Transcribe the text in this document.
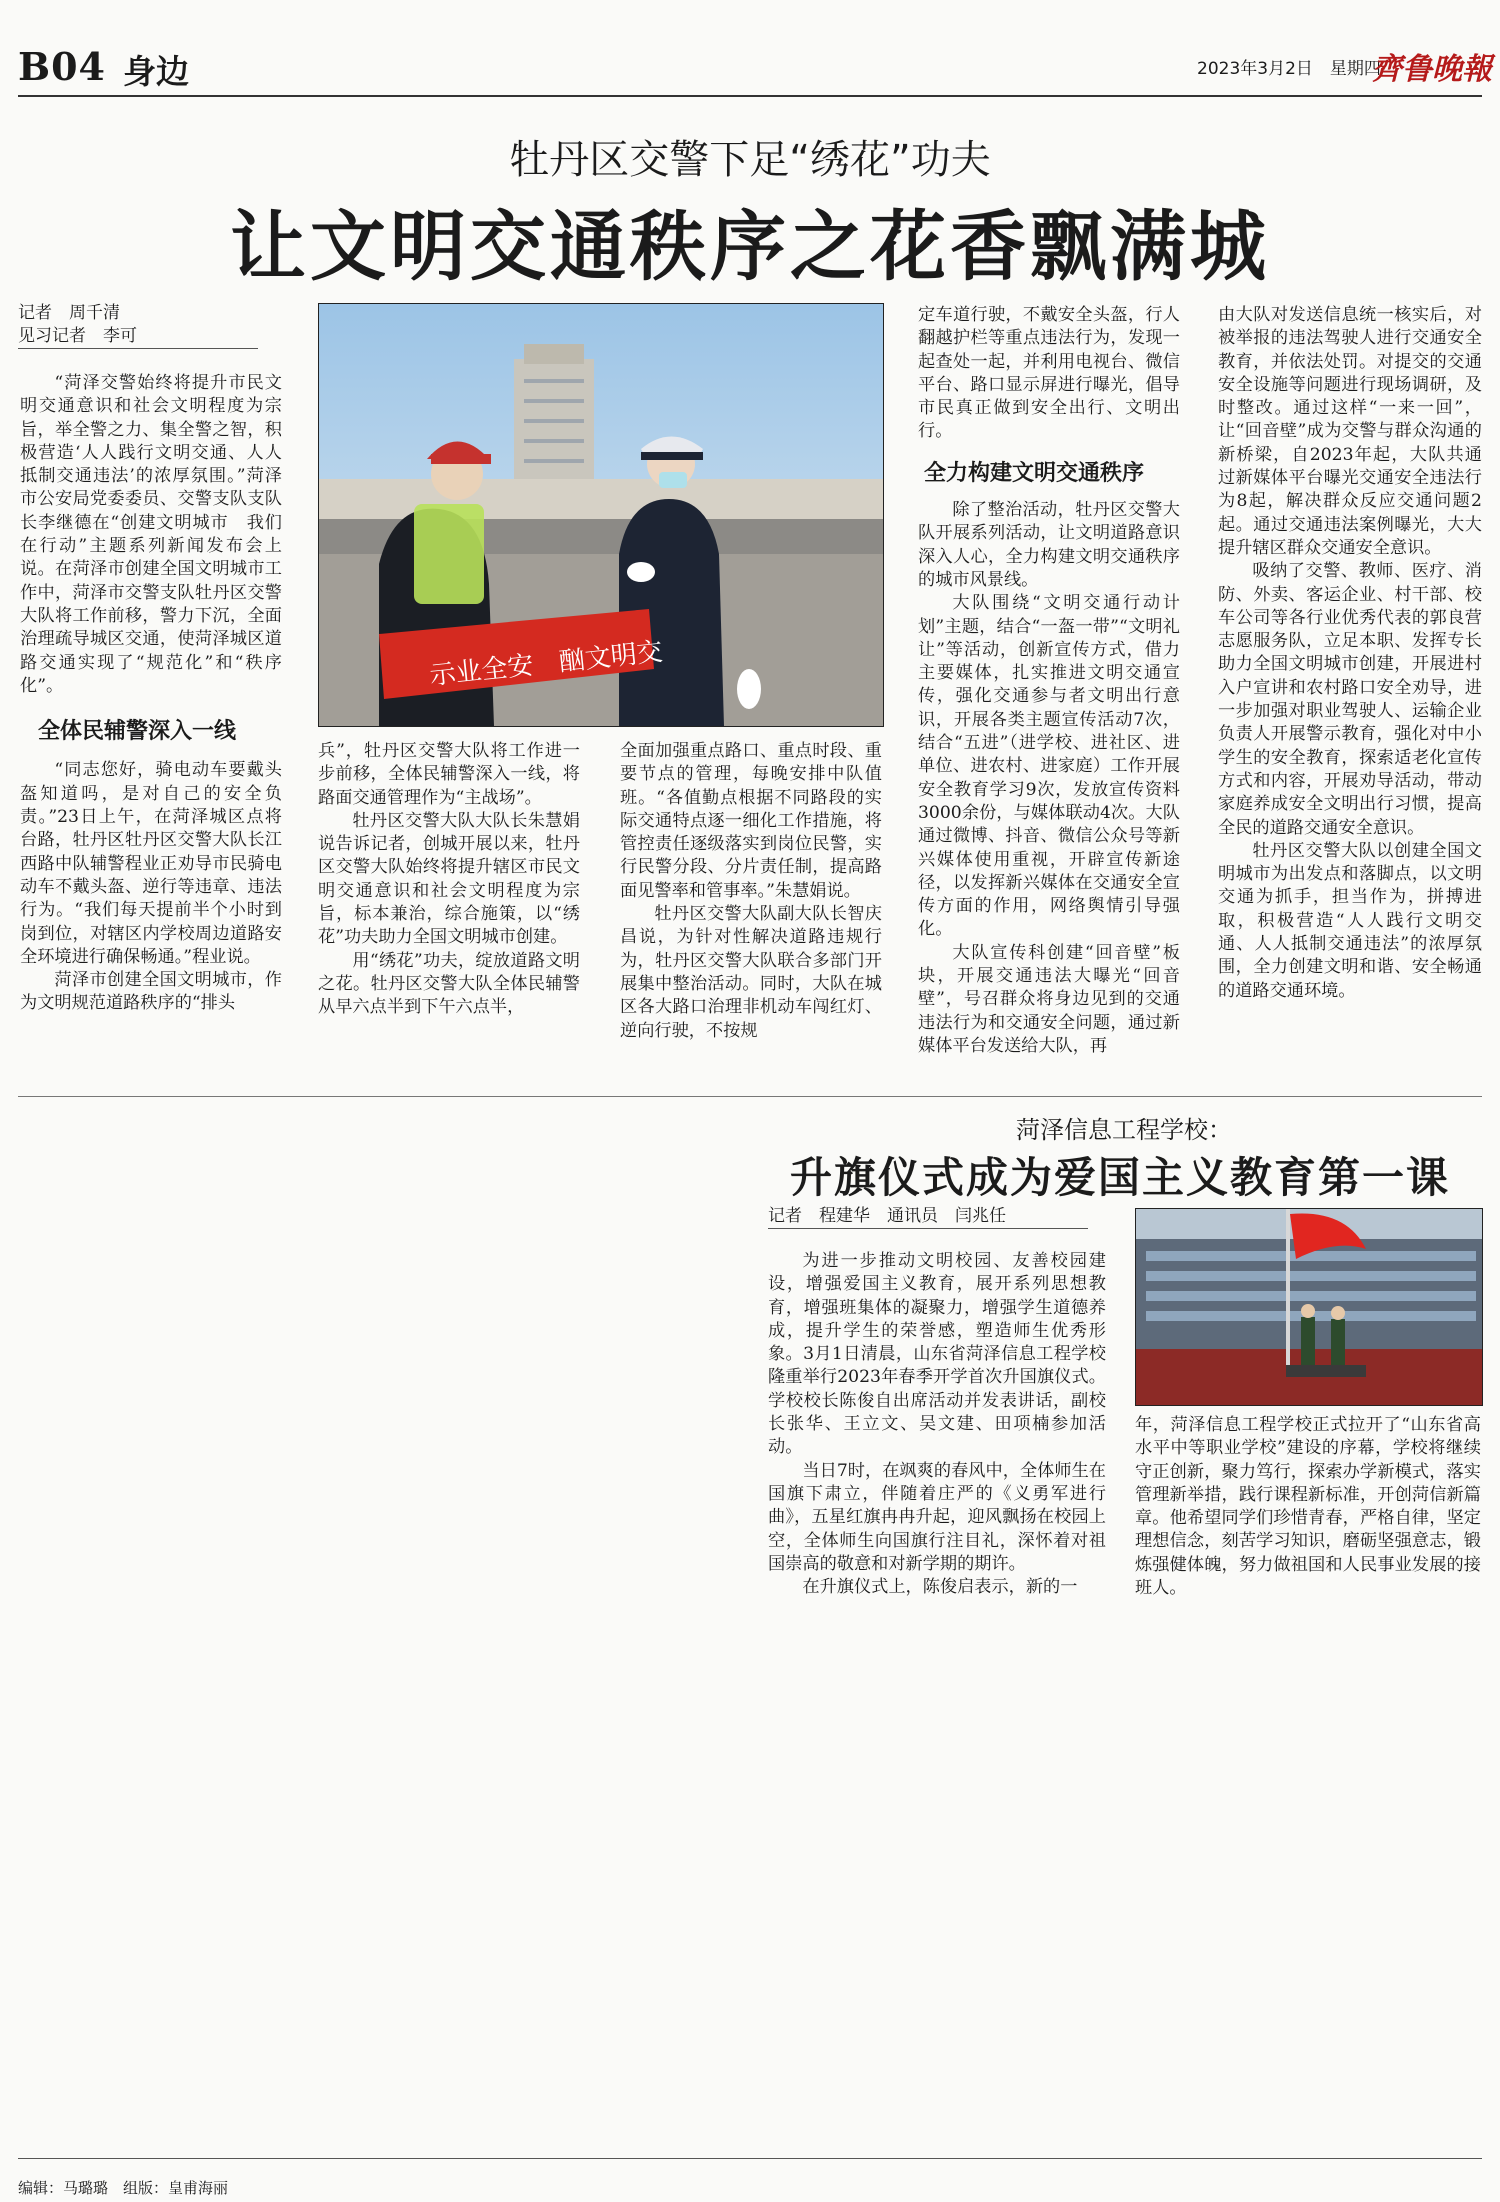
B04 身边	2023年3月2日　星期四
齊鲁晚報
牡丹区交警下足“绣花”功夫
让文明交通秩序之花香飘满城
记者　周千清
见习记者　李可

“菏泽交警始终将提升市民文明交通意识和社会文明程度为宗旨，举全警之力、集全警之智，积极营造‘人人践行文明交通、人人抵制交通违法’的浓厚氛围。”菏泽市公安局党委委员、交警支队支队长李继德在“创建文明城市　我们在行动”主题系列新闻发布会上说。在菏泽市创建全国文明城市工作中，菏泽市交警支队牡丹区交警大队将工作前移，警力下沉，全面治理疏导城区交通，使菏泽城区道路交通实现了“规范化”和“秩序化”。

全体民辅警深入一线

“同志您好，骑电动车要戴头盔知道吗，是对自己的安全负责。”23日上午，在菏泽城区点将台路，牡丹区牡丹区交警大队长江西路中队辅警程业正劝导市民骑电动车不戴头盔、逆行等违章、违法行为。“我们每天提前半个小时到岗到位，对辖区内学校周边道路安全环境进行确保畅通。”程业说。

菏泽市创建全国文明城市，作为文明规范道路秩序的“排头

示业全安　酗文明交

兵”，牡丹区交警大队将工作进一步前移，全体民辅警深入一线，将路面交通管理作为“主战场”。

牡丹区交警大队大队长朱慧娟说告诉记者，创城开展以来，牡丹区交警大队始终将提升辖区市民文明交通意识和社会文明程度为宗旨，标本兼治，综合施策，以“绣花”功夫助力全国文明城市创建。

用“绣花”功夫，绽放道路文明之花。牡丹区交警大队全体民辅警从早六点半到下午六点半，

全面加强重点路口、重点时段、重要节点的管理，每晚安排中队值班。“各值勤点根据不同路段的实际交通特点逐一细化工作措施，将管控责任逐级落实到岗位民警，实行民警分段、分片责任制，提高路面见警率和管事率。”朱慧娟说。

牡丹区交警大队副大队长智庆昌说，为针对性解决道路违规行为，牡丹区交警大队联合多部门开展集中整治活动。同时，大队在城区各大路口治理非机动车闯红灯、逆向行驶，不按规

定车道行驶，不戴安全头盔，行人翻越护栏等重点违法行为，发现一起查处一起，并利用电视台、微信平台、路口显示屏进行曝光，倡导市民真正做到安全出行、文明出行。

全力构建文明交通秩序

除了整治活动，牡丹区交警大队开展系列活动，让文明道路意识深入人心，全力构建文明交通秩序的城市风景线。

大队围绕“文明交通行动计划”主题，结合“一盔一带”“文明礼让”等活动，创新宣传方式，借力主要媒体，扎实推进文明交通宣传，强化交通参与者文明出行意识，开展各类主题宣传活动7次，结合“五进”（进学校、进社区、进单位、进农村、进家庭）工作开展安全教育学习9次，发放宣传资料3000余份，与媒体联动4次。大队通过微博、抖音、微信公众号等新兴媒体使用重视，开辟宣传新途径，以发挥新兴媒体在交通安全宣传方面的作用，网络舆情引导强化。

大队宣传科创建“回音壁”板块，开展交通违法大曝光“回音壁”，号召群众将身边见到的交通违法行为和交通安全问题，通过新媒体平台发送给大队，再

由大队对发送信息统一核实后，对被举报的违法驾驶人进行交通安全教育，并依法处罚。对提交的交通安全设施等问题进行现场调研，及时整改。通过这样“一来一回”，让“回音壁”成为交警与群众沟通的新桥梁，自2023年起，大队共通过新媒体平台曝光交通安全违法行为8起，解决群众反应交通问题2起。通过交通违法案例曝光，大大提升辖区群众交通安全意识。

吸纳了交警、教师、医疗、消防、外卖、客运企业、村干部、校车公司等各行业优秀代表的郭良营志愿服务队，立足本职、发挥专长助力全国文明城市创建，开展进村入户宣讲和农村路口安全劝导，进一步加强对职业驾驶人、运输企业负责人开展警示教育，强化对中小学生的安全教育，探索适老化宣传方式和内容，开展劝导活动，带动家庭养成安全文明出行习惯，提高全民的道路交通安全意识。

牡丹区交警大队以创建全国文明城市为出发点和落脚点，以文明交通为抓手，担当作为，拼搏进取，积极营造“人人践行文明交通、人人抵制交通违法”的浓厚氛围，全力创建文明和谐、安全畅通的道路交通环境。

菏泽信息工程学校：
升旗仪式成为爱国主义教育第一课
记者　程建华　通讯员　闫兆任

为进一步推动文明校园、友善校园建设，增强爱国主义教育，展开系列思想教育，增强班集体的凝聚力，增强学生道德养成，提升学生的荣誉感，塑造师生优秀形象。3月1日清晨，山东省菏泽信息工程学校隆重举行2023年春季开学首次升国旗仪式。学校校长陈俊自出席活动并发表讲话，副校长张华、王立文、吴文建、田项楠参加活动。

当日7时，在飒爽的春风中，全体师生在国旗下肃立，伴随着庄严的《义勇军进行曲》，五星红旗冉冉升起，迎风飘扬在校园上空，全体师生向国旗行注目礼，深怀着对祖国崇高的敬意和对新学期的期许。

在升旗仪式上，陈俊启表示，新的一

年，菏泽信息工程学校正式拉开了“山东省高水平中等职业学校”建设的序幕，学校将继续守正创新，聚力笃行，探索办学新模式，落实管理新举措，践行课程新标准，开创菏信新篇章。他希望同学们珍惜青春，严格自律，坚定理想信念，刻苦学习知识，磨砺坚强意志，锻炼强健体魄，努力做祖国和人民事业发展的接班人。

编辑：马璐璐　组版：皇甫海丽
